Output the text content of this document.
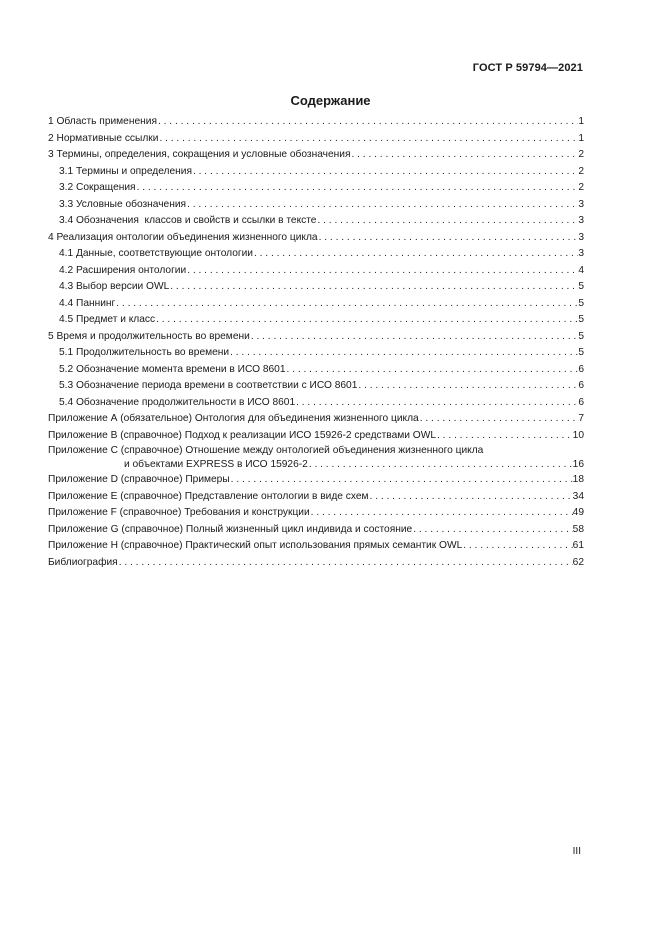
ГОСТ Р 59794—2021
Содержание
1 Область применения . . .	1
2 Нормативные ссылки . . .	1
3 Термины, определения, сокращения и условные обозначения . . .	2
3.1 Термины и определения . . .	2
3.2 Сокращения . . .	2
3.3 Условные обозначения . . .	3
3.4 Обозначения  классов и свойств и ссылки в тексте . . .	3
4 Реализация онтологии объединения жизненного цикла . . .	3
4.1 Данные, соответствующие онтологии . . .	3
4.2 Расширения онтологии . . .	4
4.3 Выбор версии OWL . . .	5
4.4 Паннинг . . .	5
4.5 Предмет и класс . . .	5
5 Время и продолжительность во времени . . .	5
5.1 Продолжительность во времени . . .	5
5.2 Обозначение момента времени в ИСО 8601 . . .	6
5.3 Обозначение периода времени в соответствии с ИСО 8601 . . .	6
5.4 Обозначение продолжительности в ИСО 8601 . . .	6
Приложение А (обязательное) Онтология для объединения жизненного цикла . . .	7
Приложение В (справочное) Подход к реализации ИСО 15926-2 средствами OWL . . .	10
Приложение С (справочное) Отношение между онтологией объединения жизненного цикла
и объектами EXPRESS в ИСО 15926-2 . . .	16
Приложение D (справочное) Примеры . . .	18
Приложение Е (справочное) Представление онтологии в виде схем . . .	34
Приложение F (справочное) Требования и конструкции . . .	49
Приложение G (справочное) Полный жизненный цикл индивида и состояние . . .	58
Приложение Н (справочное) Практический опыт использования прямых семантик OWL . . .	61
Библиография . . .	62
III
